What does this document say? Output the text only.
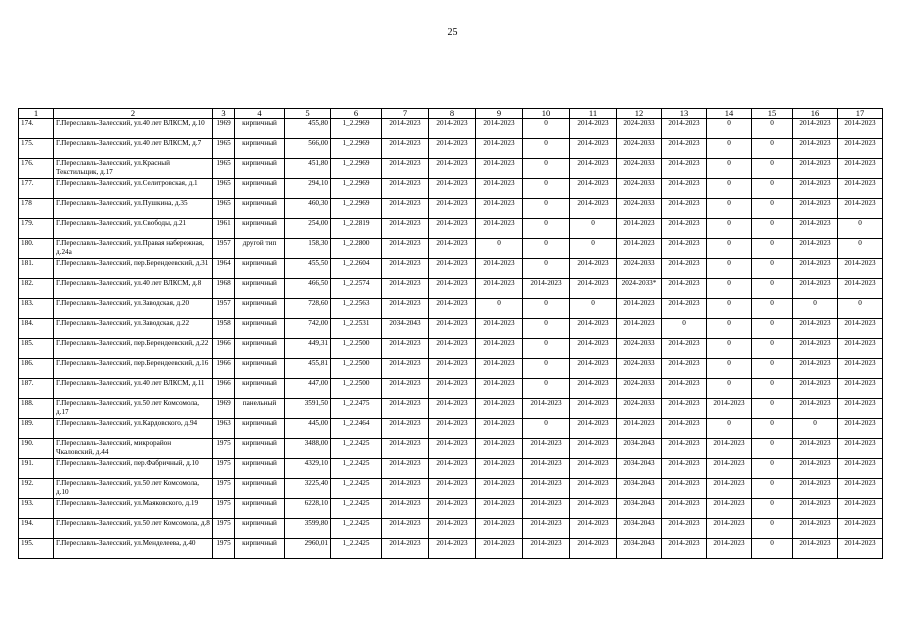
25
1	2	3	4	5	6	7	8	9	10	11	12	13	14	15	16	17
174.	Г.Переславль-Залесский, ул.40 лет ВЛКСМ, д.10	1969	кирпичный	455,80	1_2.2969	2014-2023	2014-2023	2014-2023	0	2014-2023	2024-2033	2014-2023	0	0	2014-2023	2014-2023
175.	Г.Переславль-Залесский, ул.40 лет ВЛКСМ, д.7	1965	кирпичный	566,00	1_2.2969	2014-2023	2014-2023	2014-2023	0	2014-2023	2024-2033	2014-2023	0	0	2014-2023	2014-2023
176.	Г.Переславль-Залесский, ул.Красный Текстильщик, д.17	1965	кирпичный	451,80	1_2.2969	2014-2023	2014-2023	2014-2023	0	2014-2023	2024-2033	2014-2023	0	0	2014-2023	2014-2023
177.	Г.Переславль-Залесский, ул.Селитровская, д.1	1965	кирпичный	294,10	1_2.2969	2014-2023	2014-2023	2014-2023	0	2014-2023	2024-2033	2014-2023	0	0	2014-2023	2014-2023
178	Г.Переславль-Залесский, ул.Пушкина, д.35	1965	кирпичный	460,30	1_2.2969	2014-2023	2014-2023	2014-2023	0	2014-2023	2024-2033	2014-2023	0	0	2014-2023	2014-2023
179.	Г.Переславль-Залесский, ул.Свободы, д.21	1961	кирпичный	254,00	1_2.2819	2014-2023	2014-2023	2014-2023	0	0	2014-2023	2014-2023	0	0	2014-2023	0
180.	Г.Переславль-Залесский, ул.Правая набережная, д.24а	1957	другой тип	158,30	1_2.2800	2014-2023	2014-2023	0	0	0	2014-2023	2014-2023	0	0	2014-2023	0
181.	Г.Переславль-Залесский, пер.Берендеевский, д.31	1964	кирпичный	455,50	1_2.2604	2014-2023	2014-2023	2014-2023	0	2014-2023	2024-2033	2014-2023	0	0	2014-2023	2014-2023
182.	Г.Переславль-Залесский, ул.40 лет ВЛКСМ, д.8	1968	кирпичный	466,50	1_2.2574	2014-2023	2014-2023	2014-2023	2014-2023	2014-2023	2024-2033*	2014-2023	0	0	2014-2023	2014-2023
183.	Г.Переславль-Залесский, ул.Заводская, д.20	1957	кирпичный	728,60	1_2.2563	2014-2023	2014-2023	0	0	0	2014-2023	2014-2023	0	0	0	0
184.	Г.Переславль-Залесский, ул.Заводская, д.22	1958	кирпичный	742,00	1_2.2531	2034-2043	2014-2023	2014-2023	0	2014-2023	2014-2023	0	0	0	2014-2023	2014-2023
185.	Г.Переславль-Залесский, пер.Берендеевский, д.22	1966	кирпичный	449,31	1_2.2500	2014-2023	2014-2023	2014-2023	0	2014-2023	2024-2033	2014-2023	0	0	2014-2023	2014-2023
186.	Г.Переславль-Залесский, пер.Берендеевский, д.16	1966	кирпичный	455,81	1_2.2500	2014-2023	2014-2023	2014-2023	0	2014-2023	2024-2033	2014-2023	0	0	2014-2023	2014-2023
187.	Г.Переславль-Залесский, ул.40 лет ВЛКСМ, д.11	1966	кирпичный	447,00	1_2.2500	2014-2023	2014-2023	2014-2023	0	2014-2023	2024-2033	2014-2023	0	0	2014-2023	2014-2023
188.	Г.Переславль-Залесский, ул.50 лет Комсомола, д.17	1969	панельный	3591,50	1_2.2475	2014-2023	2014-2023	2014-2023	2014-2023	2014-2023	2024-2033	2014-2023	2014-2023	0	2014-2023	2014-2023
189.	Г.Переславль-Залесский, ул.Кардовского, д.94	1963	кирпичный	445,00	1_2.2464	2014-2023	2014-2023	2014-2023	0	2014-2023	2014-2023	2014-2023	0	0	0	2014-2023
190.	Г.Переславль-Залесский, микрорайон Чкаловский, д.44	1975	кирпичный	3488,00	1_2.2425	2014-2023	2014-2023	2014-2023	2014-2023	2014-2023	2034-2043	2014-2023	2014-2023	0	2014-2023	2014-2023
191.	Г.Переславль-Залесский, пер.Фабричный, д.10	1975	кирпичный	4329,10	1_2.2425	2014-2023	2014-2023	2014-2023	2014-2023	2014-2023	2034-2043	2014-2023	2014-2023	0	2014-2023	2014-2023
192.	Г.Переславль-Залесский, ул.50 лет Комсомола, д.10	1975	кирпичный	3225,40	1_2.2425	2014-2023	2014-2023	2014-2023	2014-2023	2014-2023	2034-2043	2014-2023	2014-2023	0	2014-2023	2014-2023
193.	Г.Переславль-Залесский, ул.Маяковского, д.19	1975	кирпичный	6228,10	1_2.2425	2014-2023	2014-2023	2014-2023	2014-2023	2014-2023	2034-2043	2014-2023	2014-2023	0	2014-2023	2014-2023
194.	Г.Переславль-Залесский, ул.50 лет Комсомола, д.8	1975	кирпичный	3599,80	1_2.2425	2014-2023	2014-2023	2014-2023	2014-2023	2014-2023	2034-2043	2014-2023	2014-2023	0	2014-2023	2014-2023
195.	Г.Переславль-Залесский, ул.Менделеева, д.40	1975	кирпичный	2960,01	1_2.2425	2014-2023	2014-2023	2014-2023	2014-2023	2014-2023	2034-2043	2014-2023	2014-2023	0	2014-2023	2014-2023
